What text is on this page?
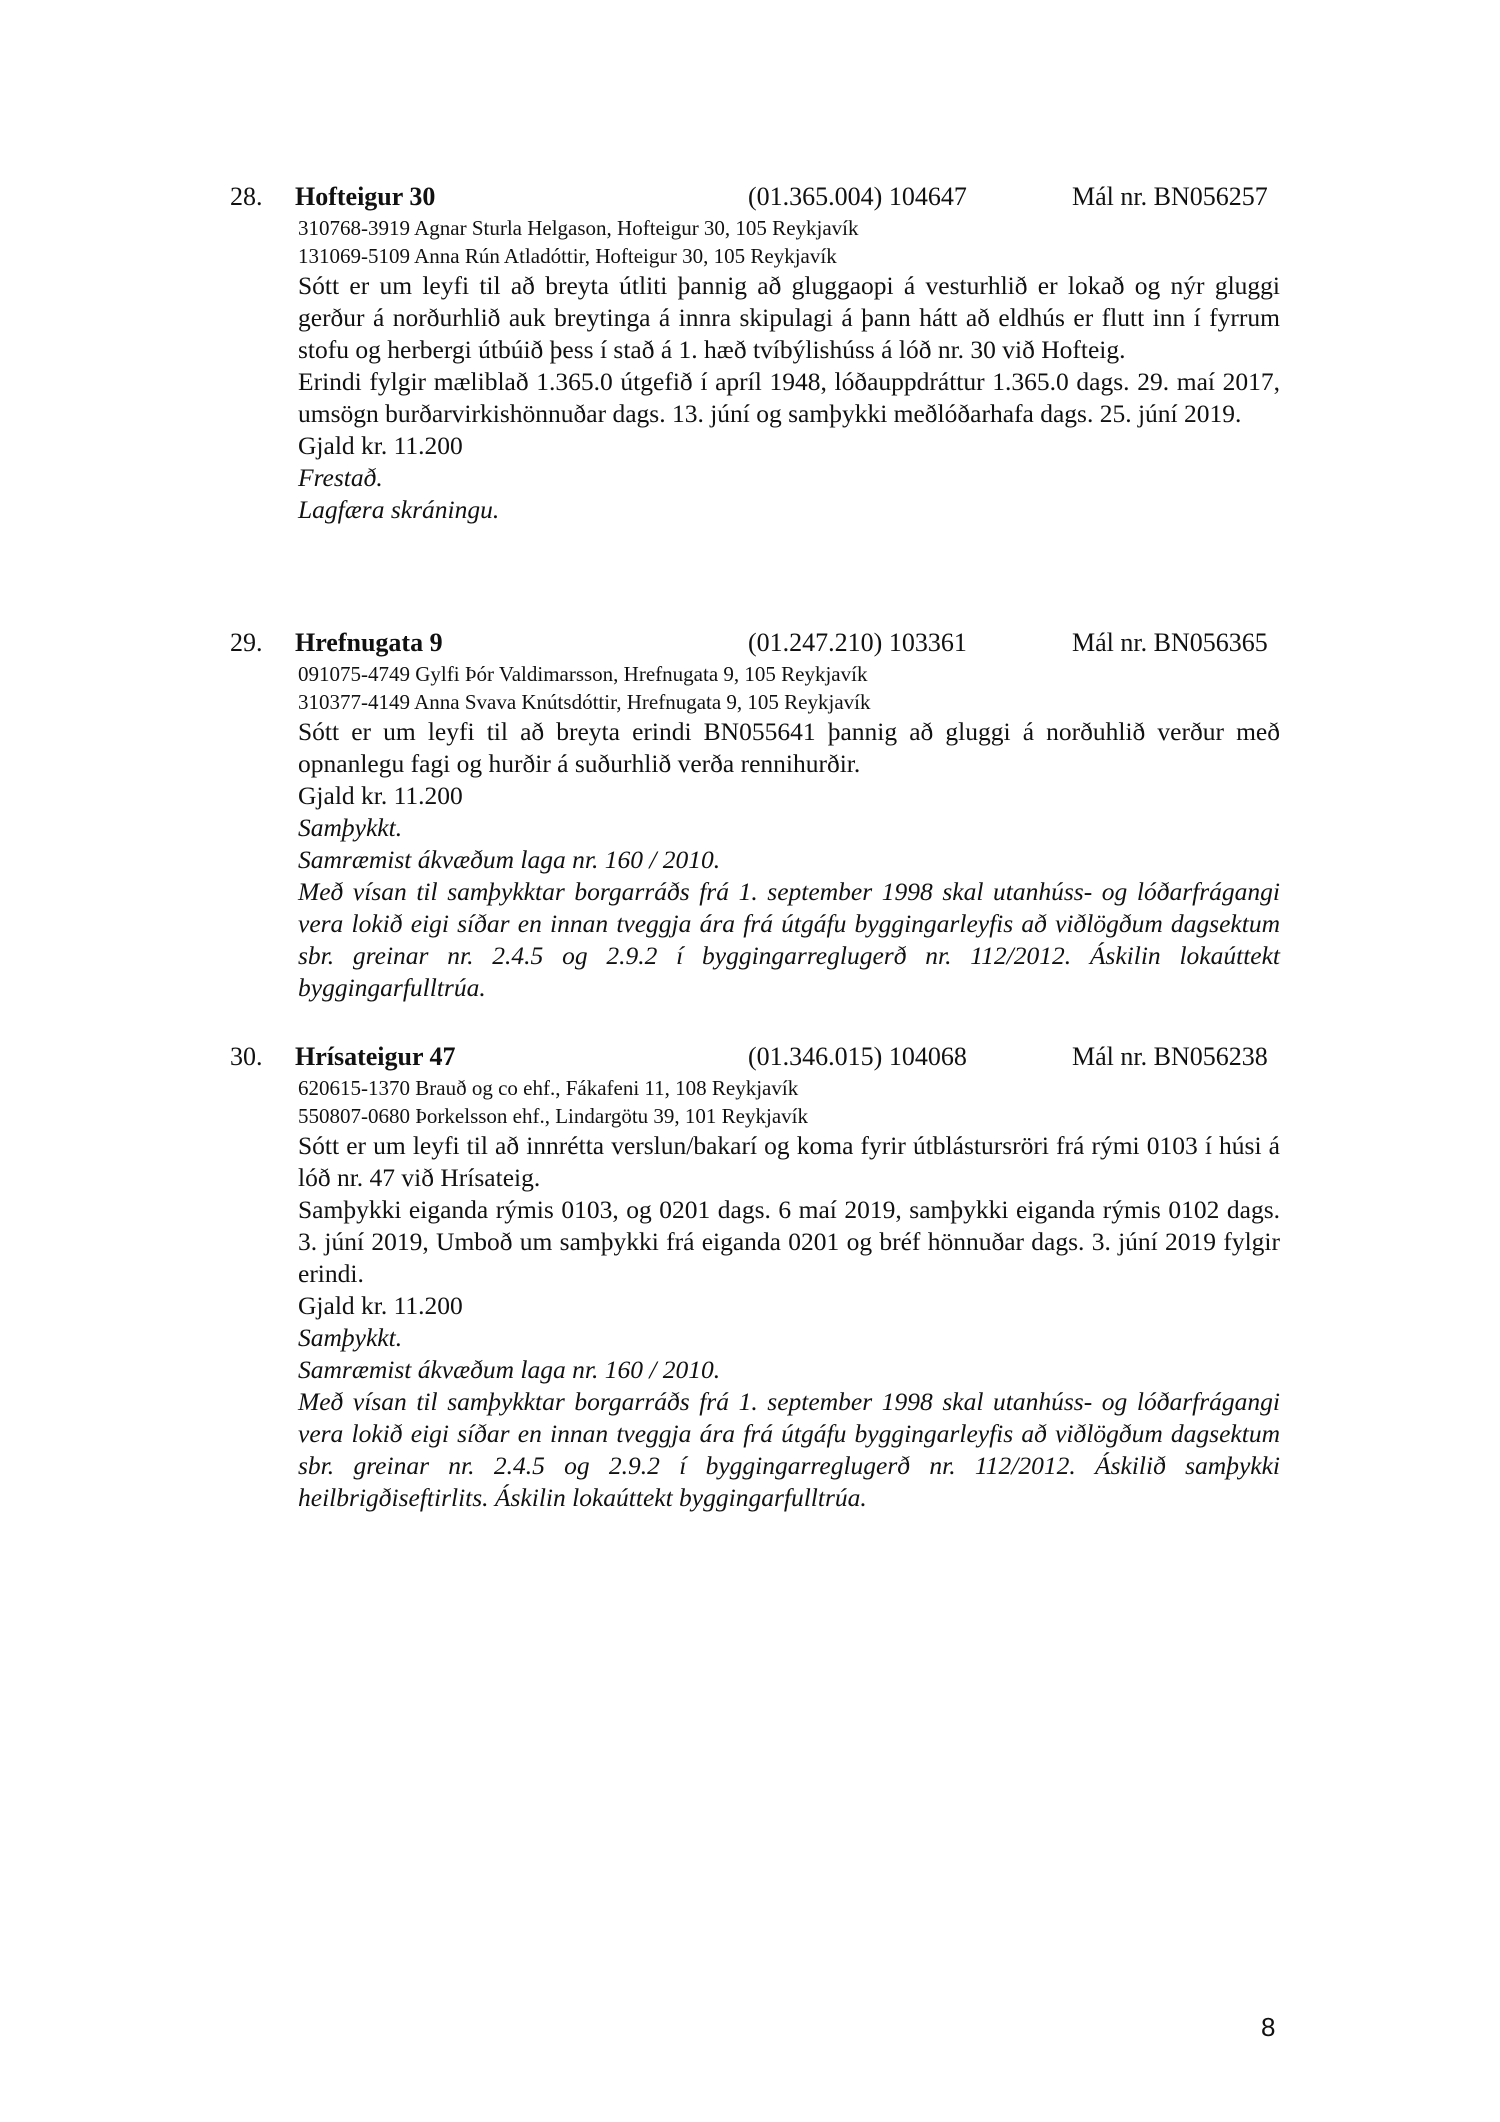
28. Hofteigur 30	(01.365.004) 104647	Mál nr. BN056257
310768-3919 Agnar Sturla Helgason, Hofteigur 30, 105 Reykjavík
131069-5109 Anna Rún Atladóttir, Hofteigur 30, 105 Reykjavík
Sótt er um leyfi til að breyta útliti þannig að gluggaopi á vesturhlið er lokað og nýr gluggi gerður á norðurhlið auk breytinga á innra skipulagi á þann hátt að eldhús er flutt inn í fyrrum stofu og herbergi útbúið þess í stað á 1. hæð tvíbýlishúss á lóð nr. 30 við Hofteig.
Erindi fylgir mæliblað 1.365.0 útgefið í apríl 1948, lóðauppdráttur 1.365.0 dags. 29. maí 2017, umsögn burðarvirkishönnuðar dags. 13. júní og samþykki meðlóðarhafa dags. 25. júní 2019.
Gjald kr. 11.200
Frestað.
Lagfæra skráningu.
29. Hrefnugata 9	(01.247.210) 103361	Mál nr. BN056365
091075-4749 Gylfi Þór Valdimarsson, Hrefnugata 9, 105 Reykjavík
310377-4149 Anna Svava Knútsdóttir, Hrefnugata 9, 105 Reykjavík
Sótt er um leyfi til að breyta erindi BN055641 þannig að gluggi á norðuhlið verður með opnanlegu fagi og hurðir á suðurhlið verða rennihurðir.
Gjald kr. 11.200
Samþykkt.
Samræmist ákvæðum laga nr. 160 / 2010.
Með vísan til samþykktar borgarráðs frá 1. september 1998 skal utanhúss- og lóðarfrágangi vera lokið eigi síðar en innan tveggja ára frá útgáfu byggingarleyfis að viðlögðum dagsektum sbr. greinar nr. 2.4.5 og 2.9.2 í byggingarreglugerð nr. 112/2012. Áskilin lokaúttekt byggingarfulltrúa.
30. Hrísateigur 47	(01.346.015) 104068	Mál nr. BN056238
620615-1370 Brauð og co ehf., Fákafeni 11, 108 Reykjavík
550807-0680 Þorkelsson ehf., Lindargötu 39, 101 Reykjavík
Sótt er um leyfi til að innrétta verslun/bakarí og koma fyrir útblástursröri frá rými 0103 í húsi á lóð nr. 47 við Hrísateig.
Samþykki eiganda rýmis 0103, og 0201 dags. 6 maí 2019, samþykki eiganda rýmis 0102 dags. 3. júní 2019, Umboð um samþykki frá eiganda 0201 og bréf hönnuðar dags. 3. júní 2019 fylgir erindi.
Gjald kr. 11.200
Samþykkt.
Samræmist ákvæðum laga nr. 160 / 2010.
Með vísan til samþykktar borgarráðs frá 1. september 1998 skal utanhúss- og lóðarfrágangi vera lokið eigi síðar en innan tveggja ára frá útgáfu byggingarleyfis að viðlögðum dagsektum sbr. greinar nr. 2.4.5 og 2.9.2 í byggingarreglugerð nr. 112/2012. Áskilið samþykki heilbrigðiseftirlits. Áskilin lokaúttekt byggingarfulltrúa.
8
